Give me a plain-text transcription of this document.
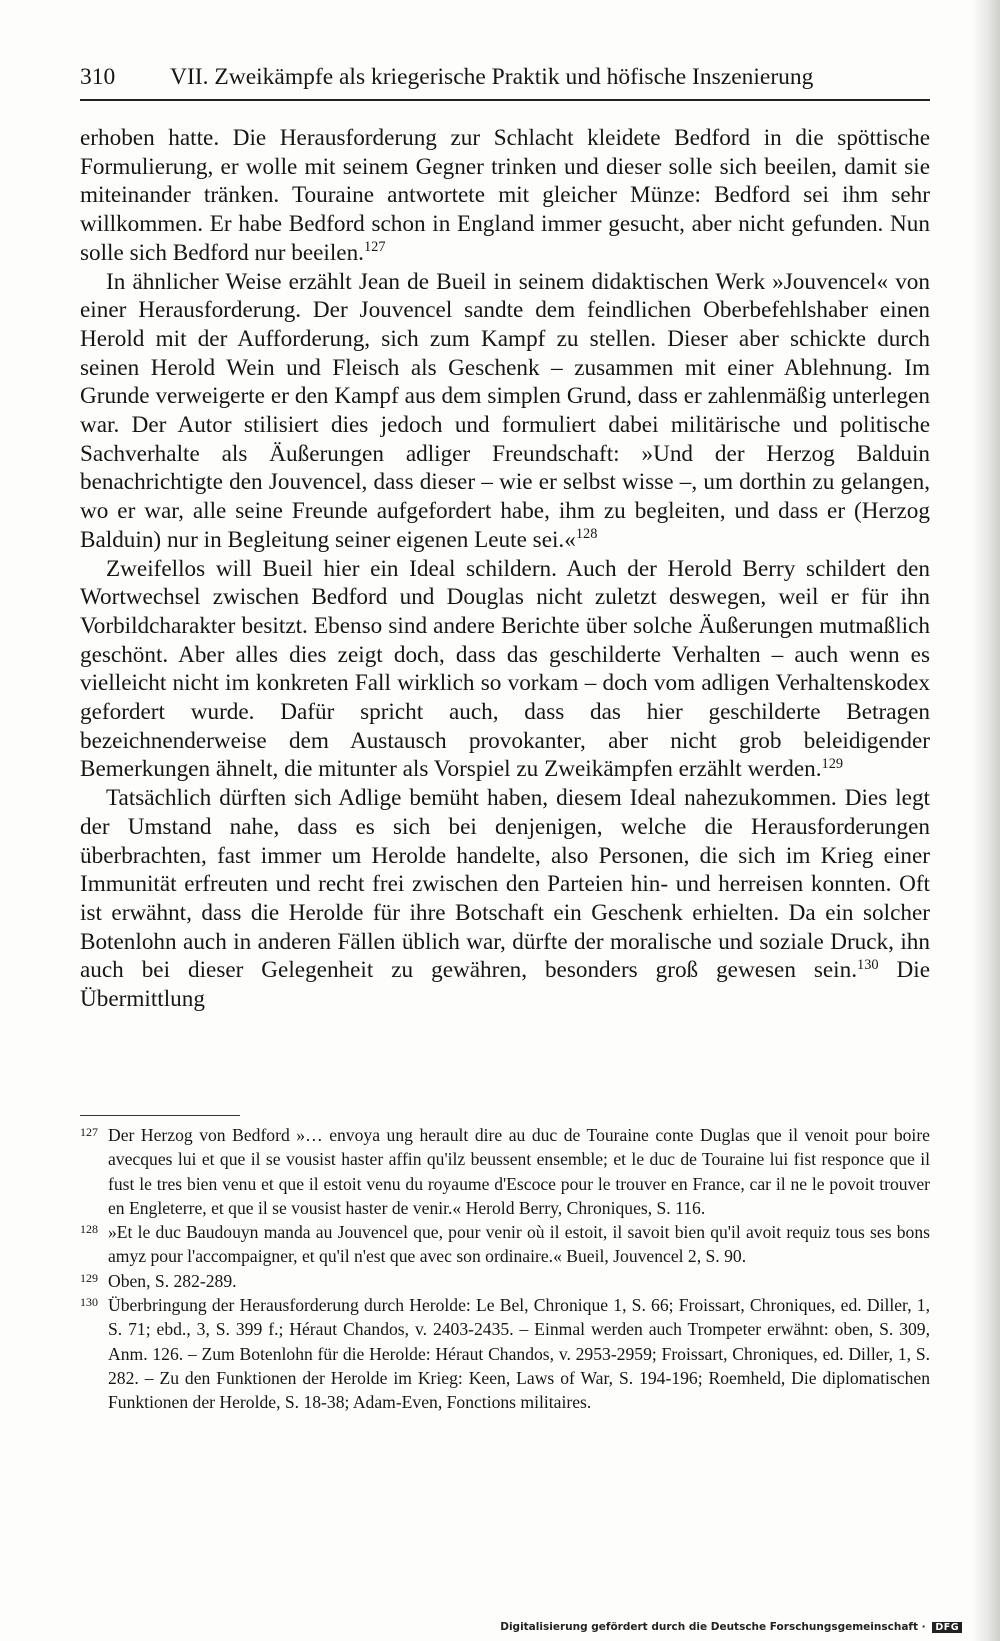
310 VII. Zweikämpfe als kriegerische Praktik und höfische Inszenierung

erhoben hatte. Die Herausforderung zur Schlacht kleidete Bedford in die spöttische Formulierung, er wolle mit seinem Gegner trinken und dieser solle sich beeilen, damit sie miteinander tränken. Touraine antwortete mit gleicher Münze: Bedford sei ihm sehr willkommen. Er habe Bedford schon in England immer gesucht, aber nicht gefunden. Nun solle sich Bedford nur beeilen.$^{127}$

In ähnlicher Weise erzählt Jean de Bueil in seinem didaktischen Werk »Jouvencel« von einer Herausforderung. Der Jouvencel sandte dem feindlichen Oberbefehlshaber einen Herold mit der Aufforderung, sich zum Kampf zu stellen. Dieser aber schickte durch seinen Herold Wein und Fleisch als Geschenk – zusammen mit einer Ablehnung. Im Grunde verweigerte er den Kampf aus dem simplen Grund, dass er zahlenmäßig unterlegen war. Der Autor stilisiert dies jedoch und formuliert dabei militärische und politische Sachverhalte als Äußerungen adliger Freundschaft: »Und der Herzog Balduin benachrichtigte den Jouvencel, dass dieser – wie er selbst wisse –, um dorthin zu gelangen, wo er war, alle seine Freunde aufgefordert habe, ihm zu begleiten, und dass er (Herzog Balduin) nur in Begleitung seiner eigenen Leute sei.«$^{128}$

Zweifellos will Bueil hier ein Ideal schildern. Auch der Herold Berry schildert den Wortwechsel zwischen Bedford und Douglas nicht zuletzt deswegen, weil er für ihn Vorbildcharakter besitzt. Ebenso sind andere Berichte über solche Äußerungen mutmaßlich geschönt. Aber alles dies zeigt doch, dass das geschilderte Verhalten – auch wenn es vielleicht nicht im konkreten Fall wirklich so vorkam – doch vom adligen Verhaltenskodex gefordert wurde. Dafür spricht auch, dass das hier geschilderte Betragen bezeichnenderweise dem Austausch provokanter, aber nicht grob beleidigender Bemerkungen ähnelt, die mitunter als Vorspiel zu Zweikämpfen erzählt werden.$^{129}$

Tatsächlich dürften sich Adlige bemüht haben, diesem Ideal nahezukommen. Dies legt der Umstand nahe, dass es sich bei denjenigen, welche die Herausforderungen überbrachten, fast immer um Herolde handelte, also Personen, die sich im Krieg einer Immunität erfreuten und recht frei zwischen den Parteien hin- und herreisen konnten. Oft ist erwähnt, dass die Herolde für ihre Botschaft ein Geschenk erhielten. Da ein solcher Botenlohn auch in anderen Fällen üblich war, dürfte der moralische und soziale Druck, ihn auch bei dieser Gelegenheit zu gewähren, besonders groß gewesen sein.$^{130}$ Die Übermittlung

127 Der Herzog von Bedford »… envoya ung herault dire au duc de Touraine conte Duglas que il venoit pour boire avecques lui et que il se vousist haster affin qu'ilz beussent ensemble; et le duc de Touraine lui fist responce que il fust le tres bien venu et que il estoit venu du royaume d'Escoce pour le trouver en France, car il ne le povoit trouver en Engleterre, et que il se vousist haster de venir.« Herold Berry, Chroniques, S. 116.
128 »Et le duc Baudouyn manda au Jouvencel que, pour venir où il estoit, il savoit bien qu'il avoit requiz tous ses bons amyz pour l'accompaigner, et qu'il n'est que avec son ordinaire.« Bueil, Jouvencel 2, S. 90.
129 Oben, S. 282-289.
130 Überbringung der Herausforderung durch Herolde: Le Bel, Chronique 1, S. 66; Froissart, Chroniques, ed. Diller, 1, S. 71; ebd., 3, S. 399 f.; Héraut Chandos, v. 2403-2435. – Einmal werden auch Trompeter erwähnt: oben, S. 309, Anm. 126. – Zum Botenlohn für die Herolde: Héraut Chandos, v. 2953-2959; Froissart, Chroniques, ed. Diller, 1, S. 282. – Zu den Funktionen der Herolde im Krieg: Keen, Laws of War, S. 194-196; Roemheld, Die diplomatischen Funktionen der Herolde, S. 18-38; Adam-Even, Fonctions militaires.
Digitalisierung gefördert durch die Deutsche Forschungsgemeinschaft · DFG
